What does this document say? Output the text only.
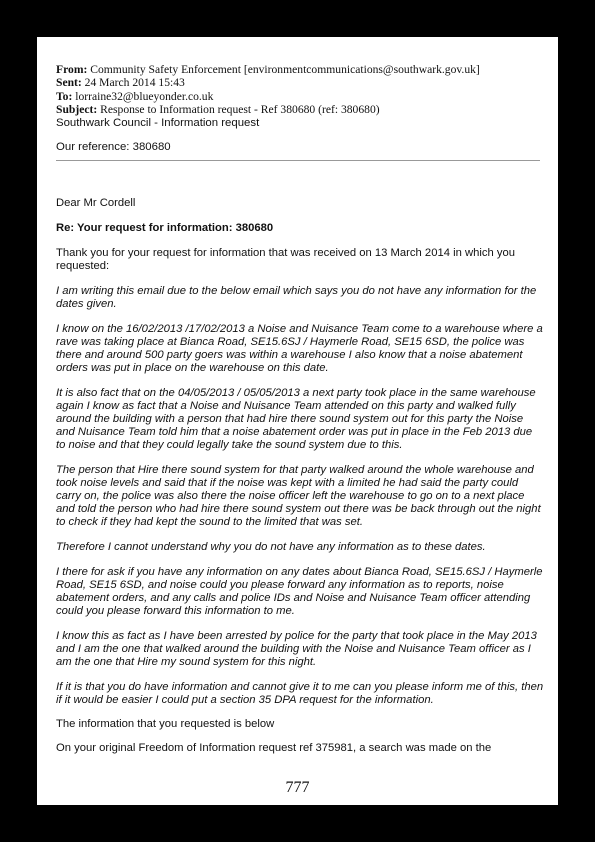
From: Community Safety Enforcement [environmentcommunications@southwark.gov.uk]
Sent: 24 March 2014 15:43
To: lorraine32@blueyonder.co.uk
Subject: Response to Information request - Ref 380680 (ref: 380680)
Southwark Council - Information request
Our reference: 380680

Dear Mr Cordell

Re: Your request for information: 380680

Thank you for your request for information that was received on 13 March 2014 in which you requested:

I am writing this email due to the below email which says you do not have any information for the dates given.

I know on the 16/02/2013 /17/02/2013 a Noise and Nuisance Team come to a warehouse where a rave was taking place at Bianca Road, SE15.6SJ / Haymerle Road, SE15 6SD, the police was there and around 500 party goers was within a warehouse I also know that a noise abatement orders was put in place on the warehouse on this date.

It is also fact that on the 04/05/2013 / 05/05/2013 a next party took place in the same warehouse again I know as fact that a Noise and Nuisance Team attended on this party and walked fully around the building with a person that had hire there sound system out for this party the Noise and Nuisance Team told him that a noise abatement order was put in place in the Feb 2013 due to noise and that they could legally take the sound system due to this.

The person that Hire there sound system for that party walked around the whole warehouse and took noise levels and said that if the noise was kept with a limited he had said the party could carry on, the police was also there the noise officer left the warehouse to go on to a next place and told the person who had hire there sound system out there was be back through out the night to check if they had kept the sound to the limited that was set.

Therefore I cannot understand why you do not have any information as to these dates.

I there for ask if you have any information on any dates about Bianca Road, SE15.6SJ / Haymerle Road, SE15 6SD, and noise could you please forward any information as to reports, noise abatement orders, and any calls and police IDs and Noise and Nuisance Team officer attending could you please forward this information to me.

I know this as fact as I have been arrested by police for the party that took place in the May 2013 and I am the one that walked around the building with the Noise and Nuisance Team officer as I am the one that Hire my sound system for this night.

If it is that you do have information and cannot give it to me can you please inform me of this, then if it would be easier I could put a section 35 DPA request for the information.

The information that you requested is below

On your original Freedom of Information request ref 375981, a search was made on the

777
